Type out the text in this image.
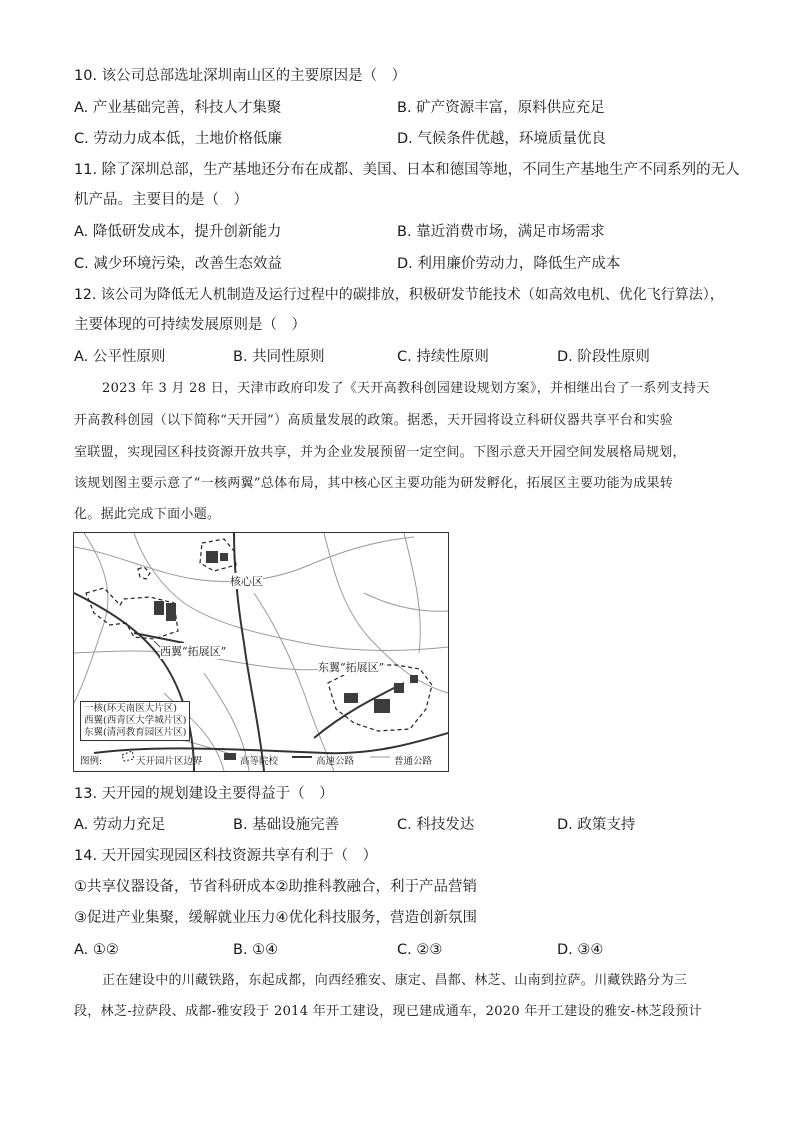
10. 该公司总部选址深圳南山区的主要原因是（　）
A. 产业基础完善，科技人才集聚	B. 矿产资源丰富，原料供应充足
C. 劳动力成本低，土地价格低廉	D. 气候条件优越，环境质量优良
11. 除了深圳总部，生产基地还分布在成都、美国、日本和德国等地，不同生产基地生产不同系列的无人
机产品。主要目的是（　）
A. 降低研发成本，提升创新能力	B. 靠近消费市场，满足市场需求
C. 减少环境污染，改善生态效益	D. 利用廉价劳动力，降低生产成本
12. 该公司为降低无人机制造及运行过程中的碳排放，积极研发节能技术（如高效电机、优化飞行算法），
主要体现的可持续发展原则是（　）
A. 公平性原则	B. 共同性原则	C. 持续性原则	D. 阶段性原则
2023 年 3 月 28 日，天津市政府印发了《天开高教科创园建设规划方案》，并相继出台了一系列支持天
开高教科创园（以下简称“天开园”）高质量发展的政策。据悉，天开园将设立科研仪器共享平台和实验
室联盟，实现园区科技资源开放共享，并为企业发展预留一定空间。下图示意天开园空间发展格局规划，
该规划图主要示意了“一核两翼”总体布局，其中核心区主要功能为研发孵化，拓展区主要功能为成果转
化。据此完成下面小题。
核心区
西翼“拓展区”
东翼“拓展区”
一核(环天南医大片区)
西翼(西青区大学城片区)
东翼(清河教育园区片区)
图例:	天开园片区边界	高等院校	高速公路	普通公路
13. 天开园的规划建设主要得益于（　）
A. 劳动力充足	B. 基础设施完善	C. 科技发达	D. 政策支持
14. 天开园实现园区科技资源共享有利于（　）
①共享仪器设备，节省科研成本②助推科教融合，利于产品营销
③促进产业集聚，缓解就业压力④优化科技服务，营造创新氛围
A. ①②	B. ①④	C. ②③	D. ③④
正在建设中的川藏铁路，东起成都，向西经雅安、康定、昌都、林芝、山南到拉萨。川藏铁路分为三
段，林芝-拉萨段、成都-雅安段于 2014 年开工建设，现已建成通车，2020 年开工建设的雅安-林芝段预计
